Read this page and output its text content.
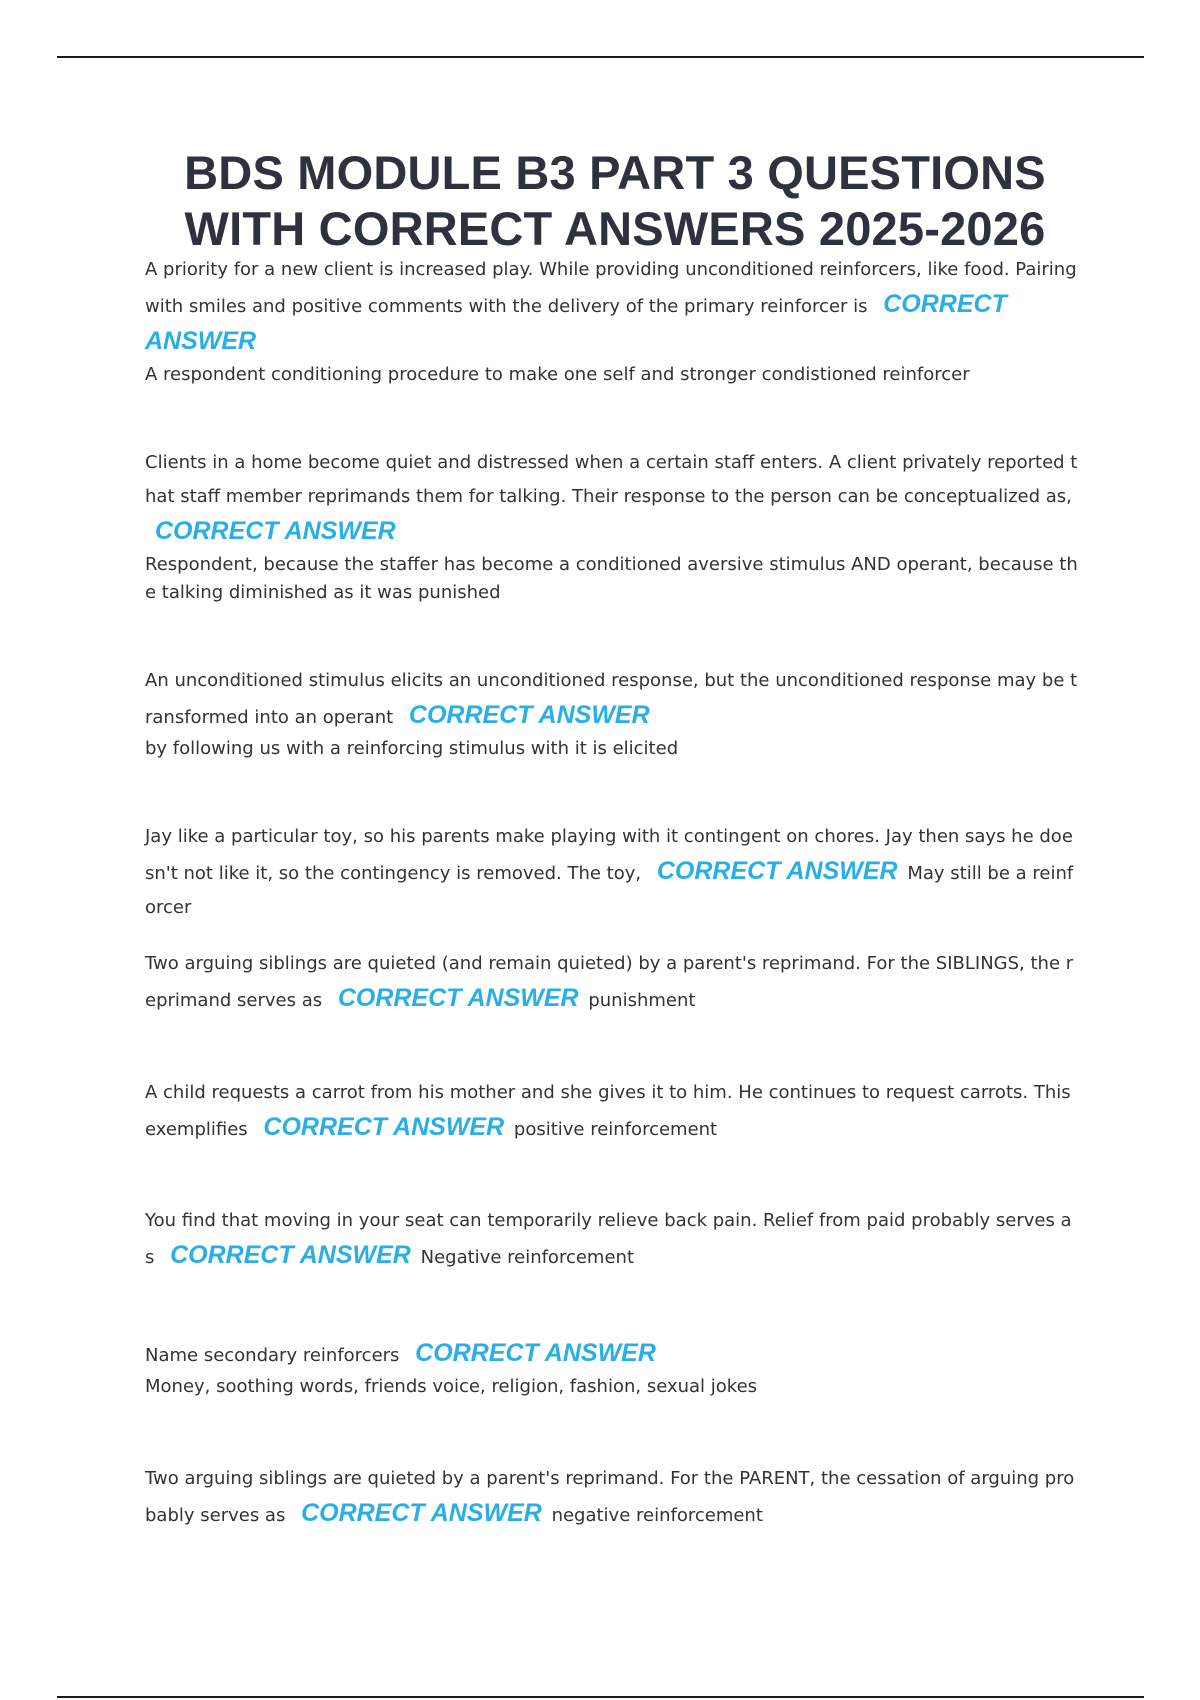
BDS MODULE B3 PART 3 QUESTIONS
WITH CORRECT ANSWERS 2025-2026
A priority for a new client is increased play. While providing unconditioned reinforcers, like food. Pairing with smiles and positive comments with the delivery of the primary reinforcer is CORRECT ANSWER
A respondent conditioning procedure to make one self and stronger condistioned reinforcer
Clients in a home become quiet and distressed when a certain staff enters. A client privately reported that staff member reprimands them for talking. Their response to the person can be conceptualized as, CORRECT ANSWER
Respondent, because the staffer has become a conditioned aversive stimulus AND operant, because the talking diminished as it was punished
An unconditioned stimulus elicits an unconditioned response, but the unconditioned response may be transformed into an operant CORRECT ANSWER
by following us with a reinforcing stimulus with it is elicited
Jay like a particular toy, so his parents make playing with it contingent on chores. Jay then says he doesn't not like it, so the contingency is removed. The toy, CORRECT ANSWER May still be a reinforcer
Two arguing siblings are quieted (and remain quieted) by a parent's reprimand. For the SIBLINGS, the reprimand serves as CORRECT ANSWER punishment
A child requests a carrot from his mother and she gives it to him. He continues to request carrots. This exemplifies CORRECT ANSWER positive reinforcement
You find that moving in your seat can temporarily relieve back pain. Relief from paid probably serves as CORRECT ANSWER Negative reinforcement
Name secondary reinforcers CORRECT ANSWER
Money, soothing words, friends voice, religion, fashion, sexual jokes
Two arguing siblings are quieted by a parent's reprimand. For the PARENT, the cessation of arguing probably serves as CORRECT ANSWER negative reinforcement
